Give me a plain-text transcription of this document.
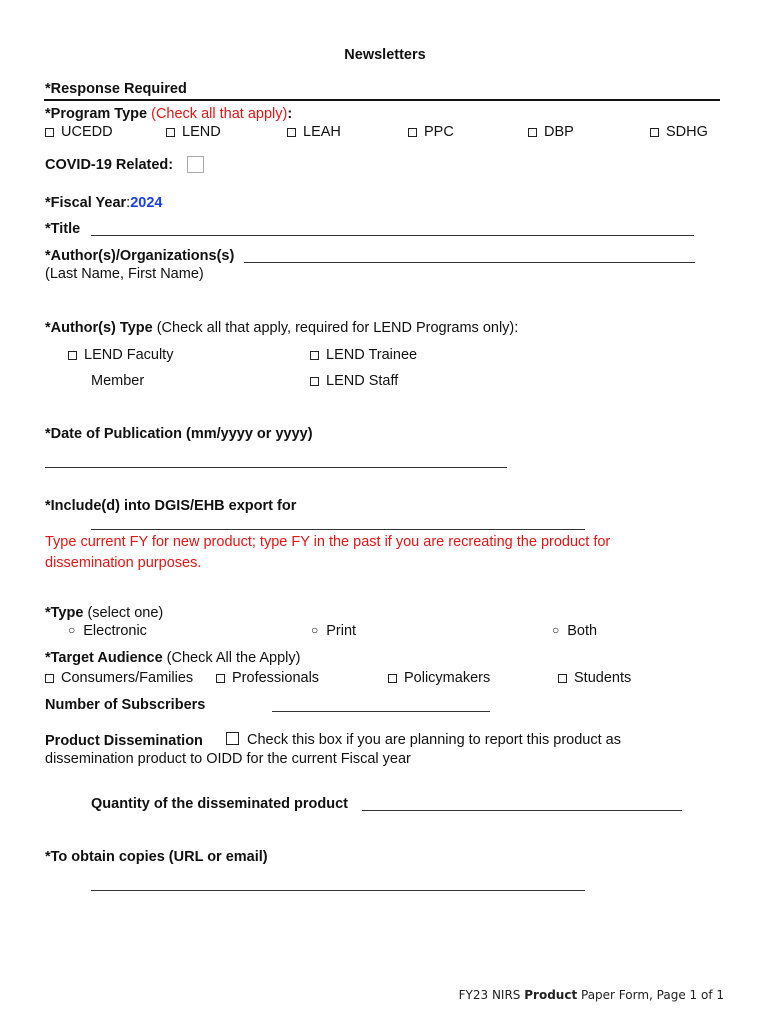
Newsletters
*Response Required
*Program Type (Check all that apply):
UCEDD	LEND	LEAH	PPC	DBP	SDHG
COVID-19 Related:
*Fiscal Year:2024
*Title
*Author(s)/Organizations(s)
(Last Name, First Name)
*Author(s) Type (Check all that apply, required for LEND Programs only):
LEND Faculty
Member
LEND Trainee
LEND Staff
*Date of Publication (mm/yyyy or yyyy)
*Include(d) into DGIS/EHB export for
Type current FY for new product; type FY in the past if you are recreating the product for
dissemination purposes.
*Type (select one)
○ Electronic	○ Print	○ Both
*Target Audience (Check All the Apply)
Consumers/Families	Professionals	Policymakers	Students
Number of Subscribers
Product Dissemination	Check this box if you are planning to report this product as
dissemination product to OIDD for the current Fiscal year
Quantity of the disseminated product
*To obtain copies (URL or email)
FY23 NIRS Product Paper Form, Page 1 of 1
